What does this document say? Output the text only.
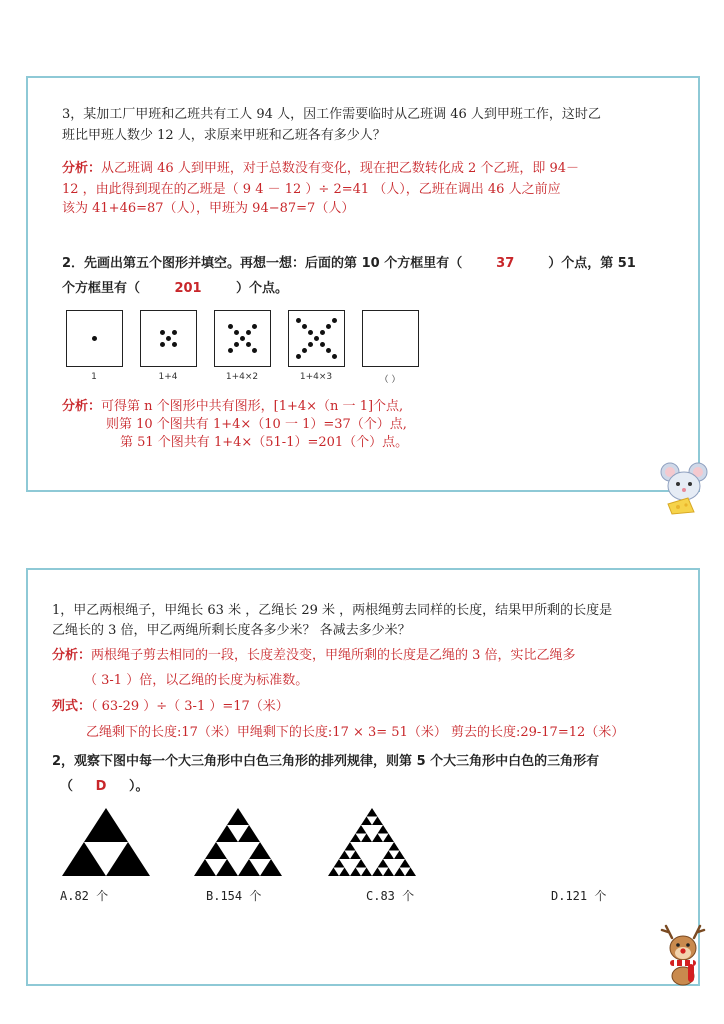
3，某加工厂甲班和乙班共有工人 94 人，因工作需要临时从乙班调 46 人到甲班工作，这时乙
班比甲班人数少 12 人，求原来甲班和乙班各有多少人？
分析：从乙班调 46 人到甲班，对于总数没有变化，现在把乙数转化成 2 个乙班，即 94－
12 ，由此得到现在的乙班是（ 9 4 － 12 ）÷ 2=41 （人），乙班在调出 46 人之前应
该为 41+46=87（人），甲班为 94−87=7（人）
2．先画出第五个图形并填空。再想一想：后面的第 10 个方框里有（	37	）个点，第 51
个方框里有（	201	）个点。
1	1+4	1+4×2	1+4×3	（ ）
分析：可得第 n 个图形中共有图形，[1+4×（n 一 1]个点,
则第 10 个图共有 1+4×（10 一 1）=37（个）点,
第 51 个图共有 1+4×（51-1）=201（个）点。
1，甲乙两根绳子，甲绳长 63 米 ，乙绳长 29 米 ，两根绳剪去同样的长度，结果甲所剩的长度是
乙绳长的 3 倍，甲乙两绳所剩长度各多少米？ 各减去多少米？
分析：两根绳子剪去相同的一段，长度差没变，甲绳所剩的长度是乙绳的 3 倍，实比乙绳多
（ 3-1 ）倍，以乙绳的长度为标准数。
列式：（ 63-29 ）÷（ 3-1 ）=17（米）
乙绳剩下的长度:17（米）甲绳剩下的长度:17 × 3= 51（米） 剪去的长度:29-17=12（米）
2，观察下图中每一个大三角形中白色三角形的排列规律，则第 5 个大三角形中白色的三角形有
（ D ）。
A.82 个	B.154 个	C.83 个	D.121 个
